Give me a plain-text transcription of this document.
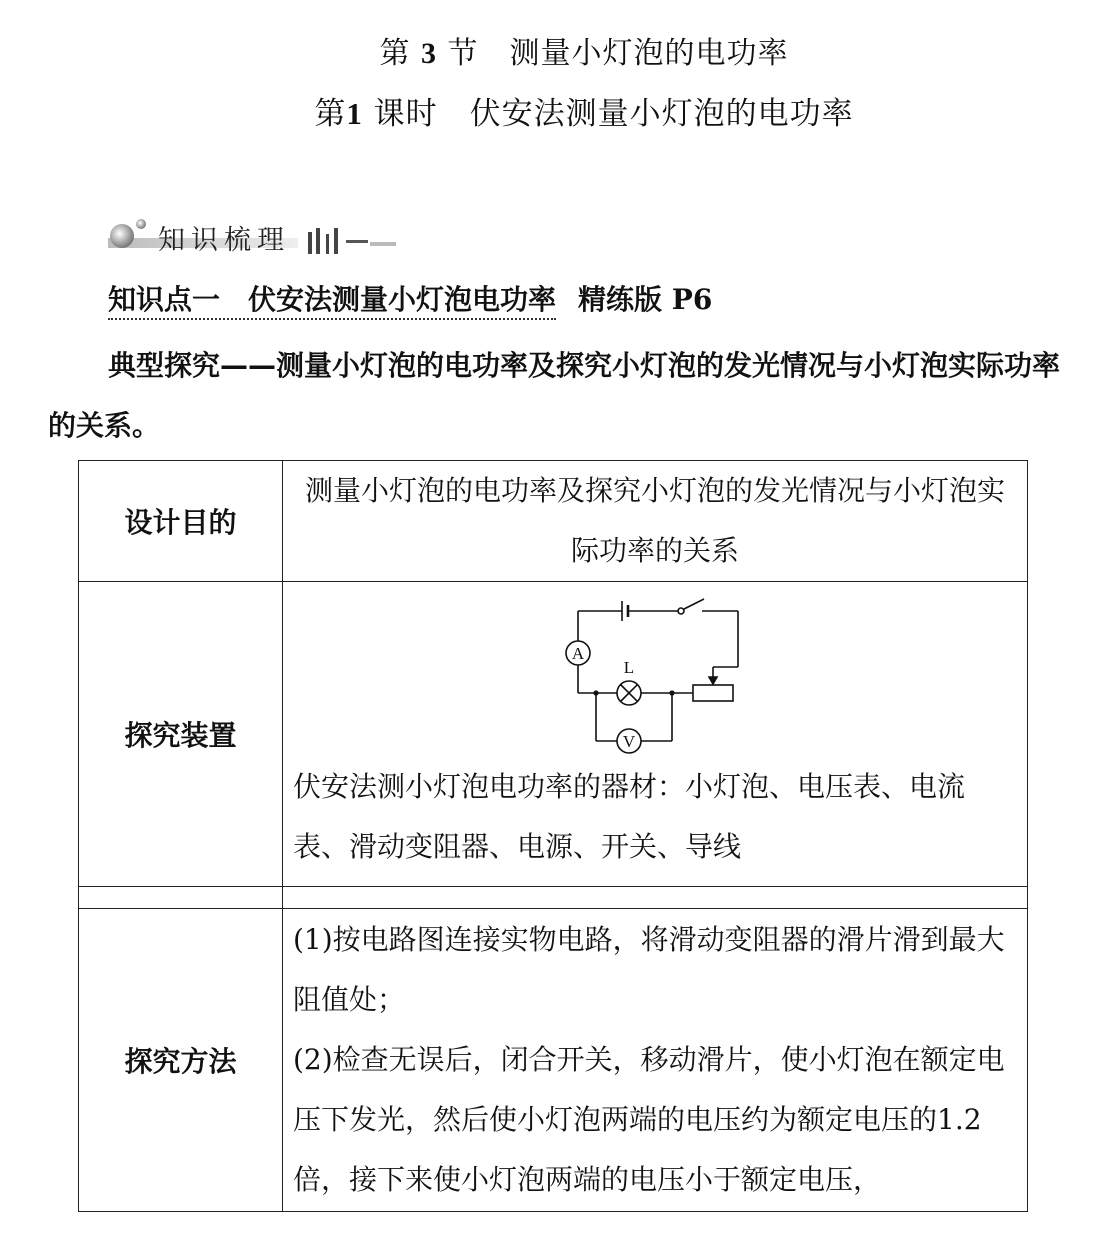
第 3 节　测量小灯泡的电功率
第1 课时　伏安法测量小灯泡的电功率
知识梳理
知识点一　伏安法测量小灯泡电功率 精练版 P6
典型探究——测量小灯泡的电功率及探究小灯泡的发光情况与小灯泡实际功率的关系。
设计目的	测量小灯泡的电功率及探究小灯泡的发光情况与小灯泡实际功率的关系
探究装置	A
L
V
伏安法测小灯泡电功率的器材：小灯泡、电压表、电流表、滑动变阻器、电源、开关、导线

探究方法	(1)按电路图连接实物电路，将滑动变阻器的滑片滑到最大阻值处；

(2)检查无误后，闭合开关，移动滑片，使小灯泡在额定电压下发光，然后使小灯泡两端的电压约为额定电压的1.2倍，接下来使小灯泡两端的电压小于额定电压，
